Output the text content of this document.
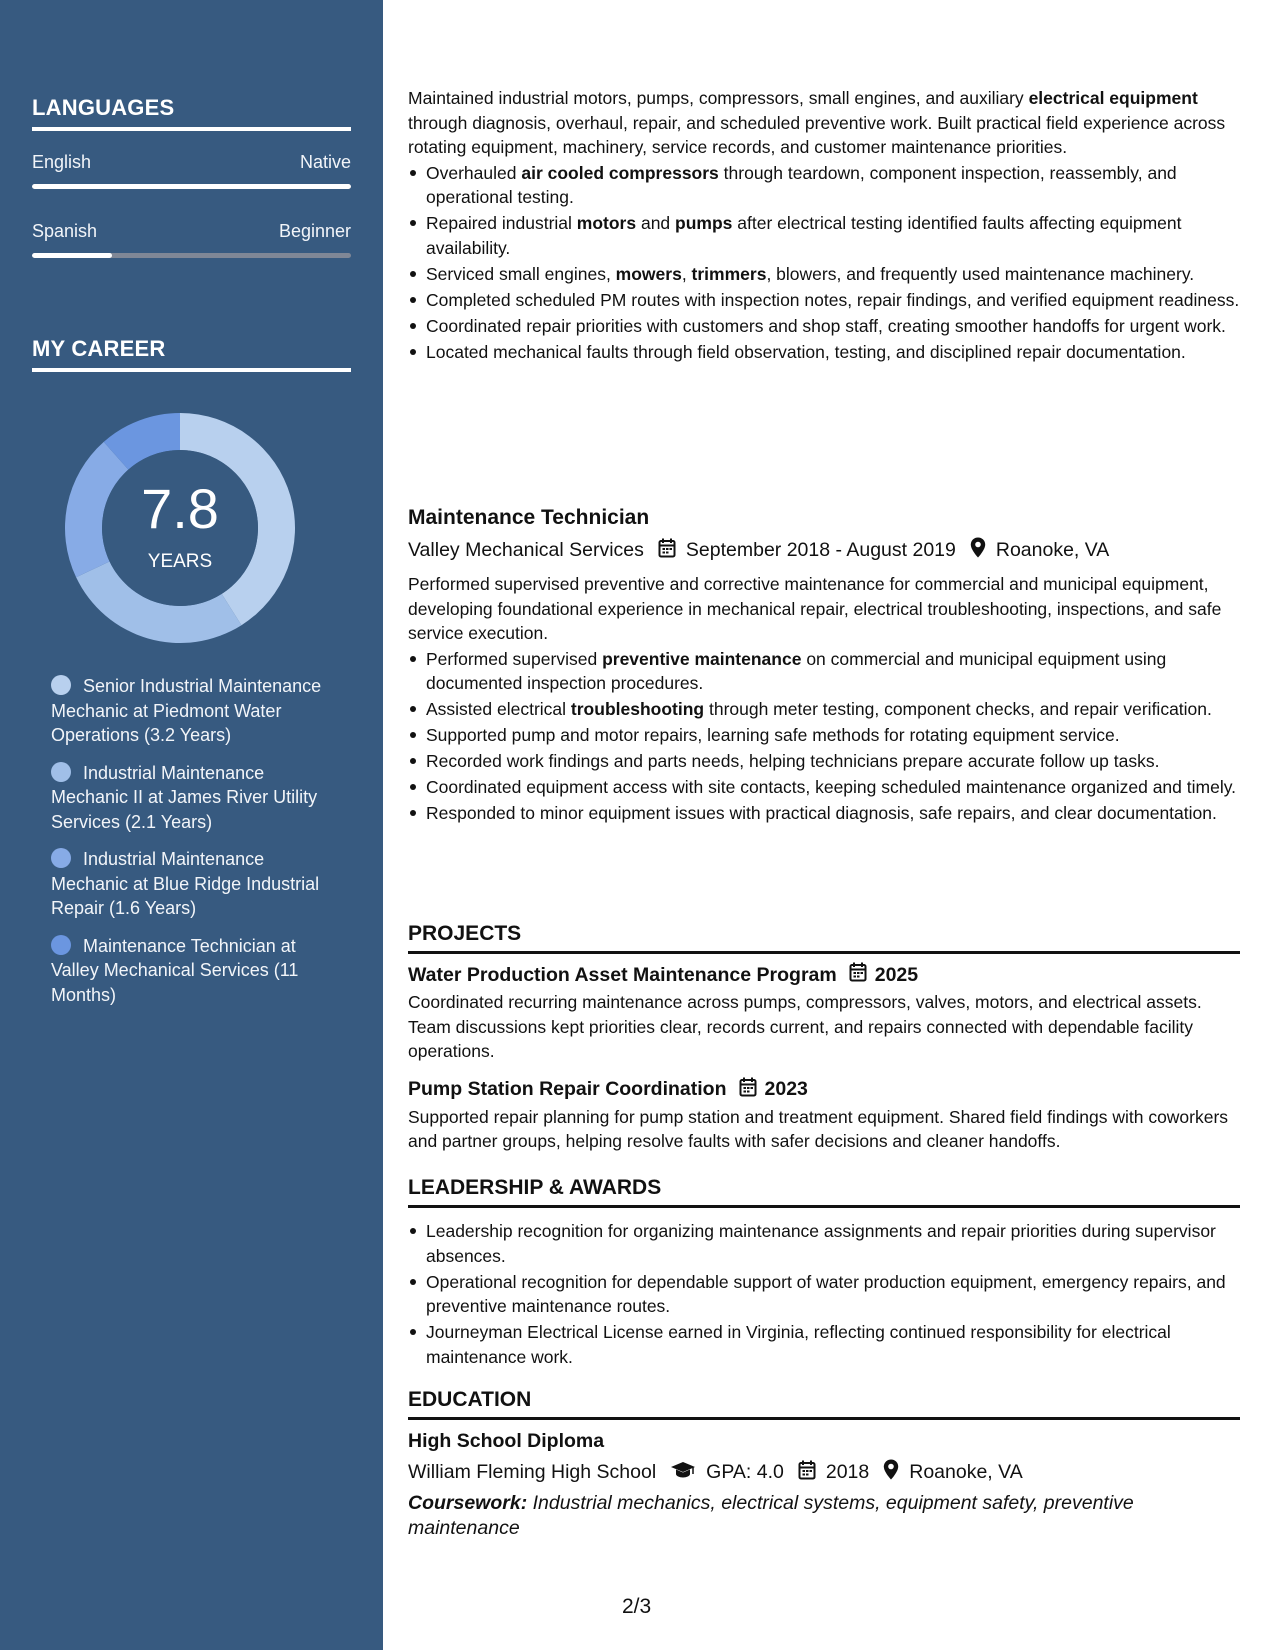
LANGUAGES
English	Native
Spanish	Beginner
MY CAREER
7.8
YEARS
Senior Industrial Maintenance Mechanic at Piedmont Water Operations (3.2 Years)
Industrial Maintenance Mechanic II at James River Utility Services (2.1 Years)
Industrial Maintenance Mechanic at Blue Ridge Industrial Repair (1.6 Years)
Maintenance Technician at Valley Mechanical Services (11 Months)

Maintained industrial motors, pumps, compressors, small engines, and auxiliary electrical equipment through diagnosis, overhaul, repair, and scheduled preventive work. Built practical field experience across rotating equipment, machinery, service records, and customer maintenance priorities.

Overhauled air cooled compressors through teardown, component inspection, reassembly, and operational testing.
Repaired industrial motors and pumps after electrical testing identified faults affecting equipment availability.
Serviced small engines, mowers, trimmers, blowers, and frequently used maintenance machinery.
Completed scheduled PM routes with inspection notes, repair findings, and verified equipment readiness.
Coordinated repair priorities with customers and shop staff, creating smoother handoffs for urgent work.
Located mechanical faults through field observation, testing, and disciplined repair documentation.
Maintenance Technician
Valley Mechanical Services September 2018 - August 2019 Roanoke, VA

Performed supervised preventive and corrective maintenance for commercial and municipal equipment, developing foundational experience in mechanical repair, electrical troubleshooting, inspections, and safe service execution.

Performed supervised preventive maintenance on commercial and municipal equipment using documented inspection procedures.
Assisted electrical troubleshooting through meter testing, component checks, and repair verification.
Supported pump and motor repairs, learning safe methods for rotating equipment service.
Recorded work findings and parts needs, helping technicians prepare accurate follow up tasks.
Coordinated equipment access with site contacts, keeping scheduled maintenance organized and timely.
Responded to minor equipment issues with practical diagnosis, safe repairs, and clear documentation.
PROJECTS
Water Production Asset Maintenance Program 2025

Coordinated recurring maintenance across pumps, compressors, valves, motors, and electrical assets. Team discussions kept priorities clear, records current, and repairs connected with dependable facility operations.

Pump Station Repair Coordination 2023

Supported repair planning for pump station and treatment equipment. Shared field findings with coworkers and partner groups, helping resolve faults with safer decisions and cleaner handoffs.

LEADERSHIP & AWARDS
Leadership recognition for organizing maintenance assignments and repair priorities during supervisor absences.
Operational recognition for dependable support of water production equipment, emergency repairs, and preventive maintenance routes.
Journeyman Electrical License earned in Virginia, reflecting continued responsibility for electrical maintenance work.
EDUCATION
High School Diploma
William Fleming High School	GPA: 4.0 2018 Roanoke, VA

Coursework: Industrial mechanics, electrical systems, equipment safety, preventive maintenance

2/3
